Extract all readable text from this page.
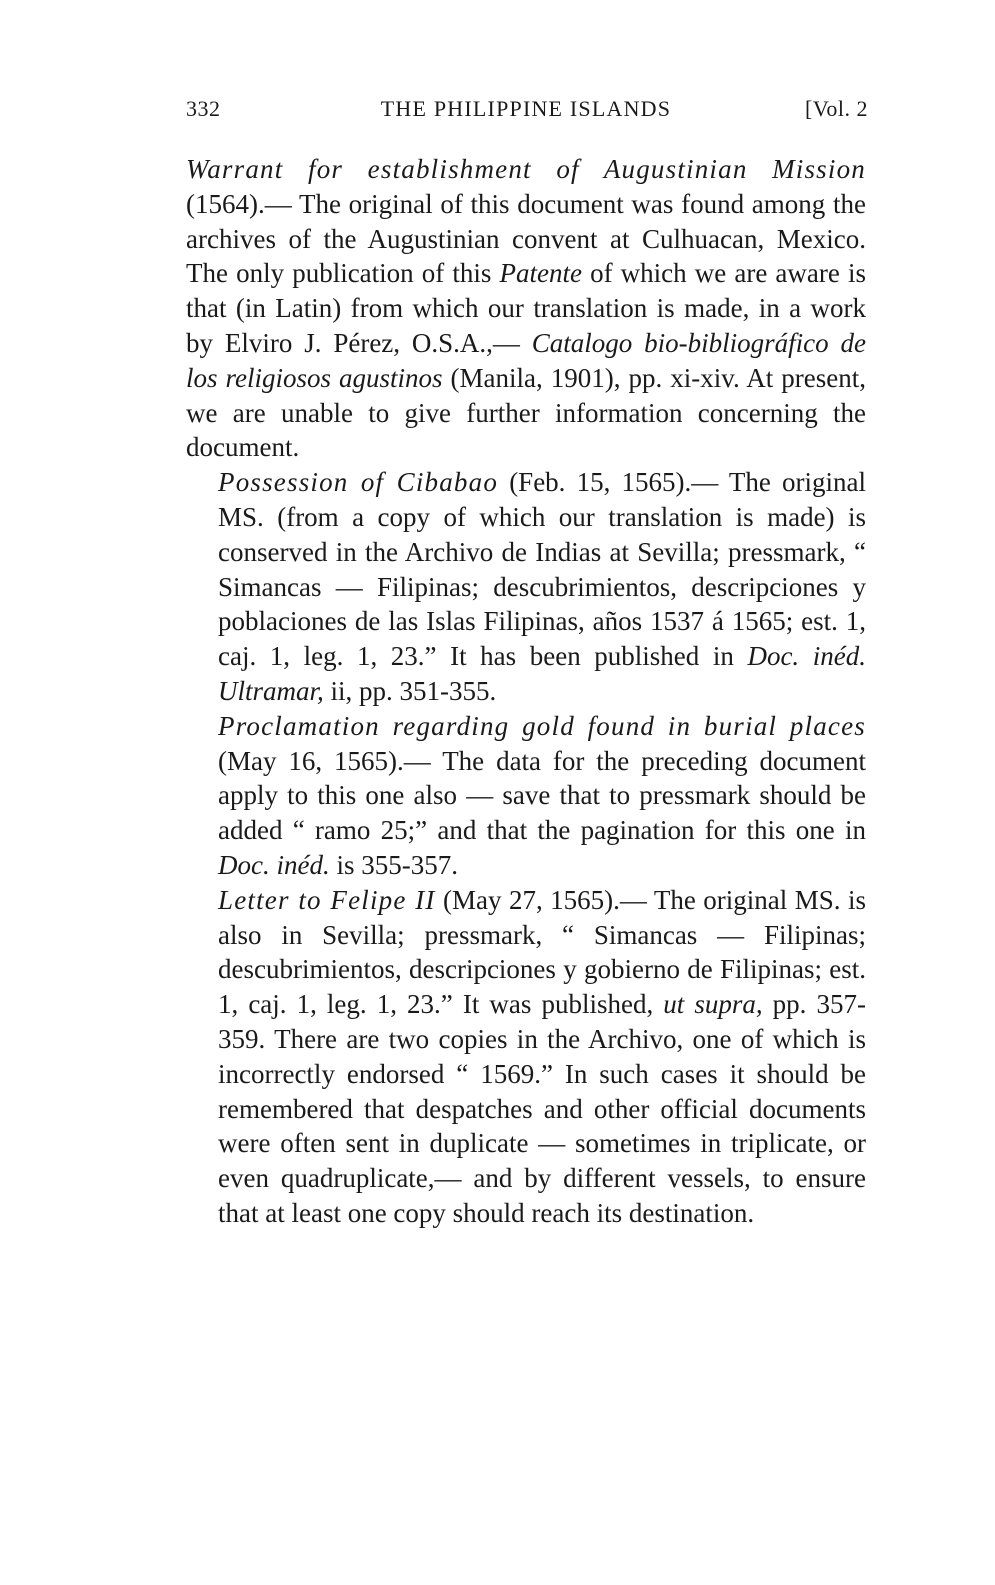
332	THE PHILIPPINE ISLANDS	[Vol. 2

Warrant for establishment of Augustinian Mission (1564).— The original of this document was found among the archives of the Augustinian convent at Culhuacan, Mexico. The only publication of this Patente of which we are aware is that (in Latin) from which our translation is made, in a work by Elviro J. Pérez, O.S.A.,— Catalogo bio-bibliográfico de los religiosos agustinos (Manila, 1901), pp. xi-xiv. At present, we are unable to give further information concerning the document.

Possession of Cibabao (Feb. 15, 1565).— The original MS. (from a copy of which our translation is made) is conserved in the Archivo de Indias at Sevilla; pressmark, “ Simancas — Filipinas; descubrimientos, descripciones y poblaciones de las Islas Filipinas, años 1537 á 1565; est. 1, caj. 1, leg. 1, 23.” It has been published in Doc. inéd. Ultramar, ii, pp. 351-355.

Proclamation regarding gold found in burial places (May 16, 1565).— The data for the preceding document apply to this one also — save that to pressmark should be added “ ramo 25;” and that the pagination for this one in Doc. inéd. is 355-357.

Letter to Felipe II (May 27, 1565).— The original MS. is also in Sevilla; pressmark, “ Simancas — Filipinas; descubrimientos, descripciones y gobierno de Filipinas; est. 1, caj. 1, leg. 1, 23.” It was published, ut supra, pp. 357-359. There are two copies in the Archivo, one of which is incorrectly endorsed “ 1569.” In such cases it should be remembered that despatches and other official documents were often sent in duplicate — sometimes in triplicate, or even quadruplicate,— and by different vessels, to ensure that at least one copy should reach its destination.
